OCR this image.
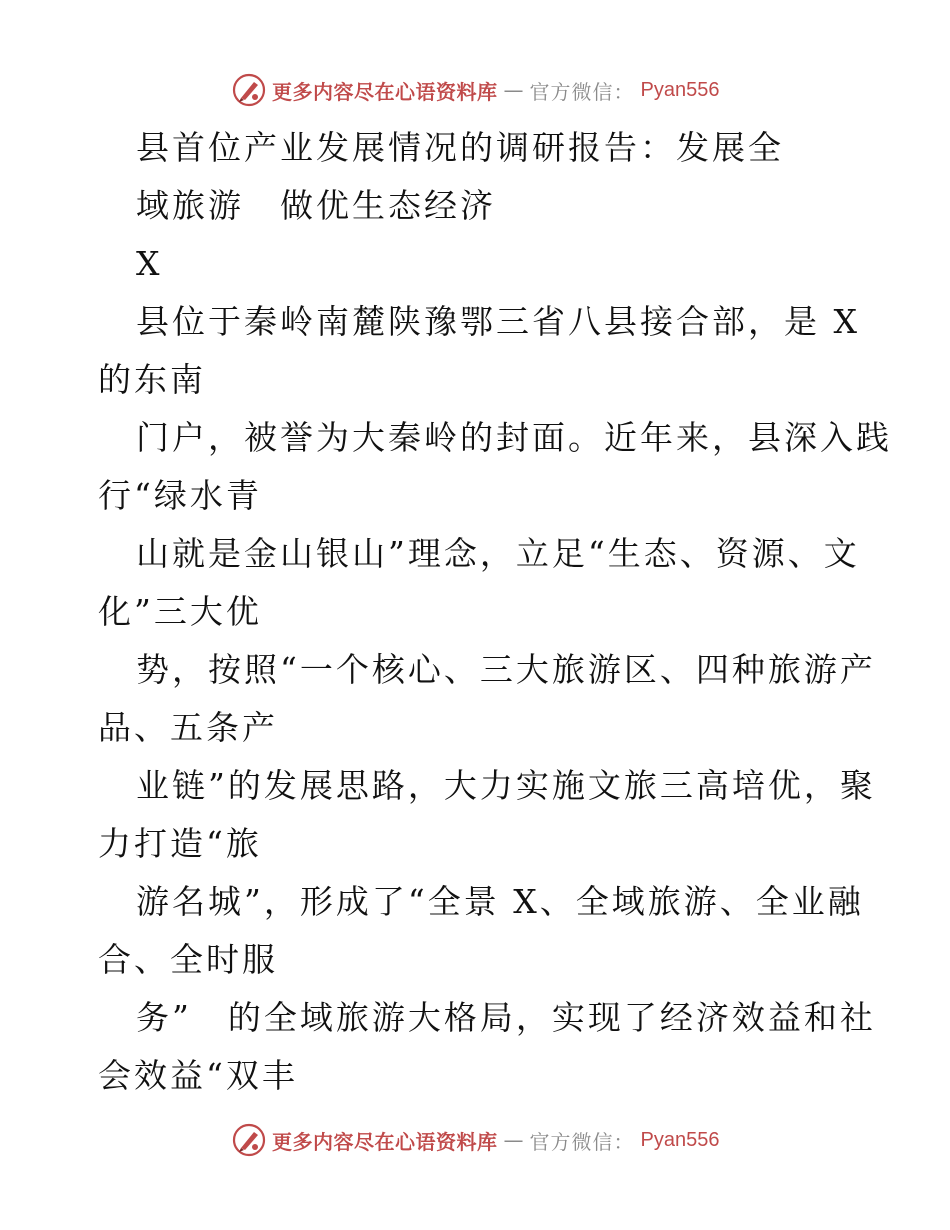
更多内容尽在心语资料库 — 官方微信： Pyan556
县首位产业发展情况的调研报告：发展全
域旅游　做优生态经济
X
县位于秦岭南麓陕豫鄂三省八县接合部，是 X
的东南
门户，被誉为大秦岭的封面。近年来，县深入践
行“绿水青
山就是金山银山”理念，立足“生态、资源、文
化”三大优
势，按照“一个核心、三大旅游区、四种旅游产
品、五条产
业链”的发展思路，大力实施文旅三高培优，聚
力打造“旅
游名城”，形成了“全景 X、全域旅游、全业融
合、全时服
务”　的全域旅游大格局，实现了经济效益和社
会效益“双丰
更多内容尽在心语资料库 — 官方微信： Pyan556
